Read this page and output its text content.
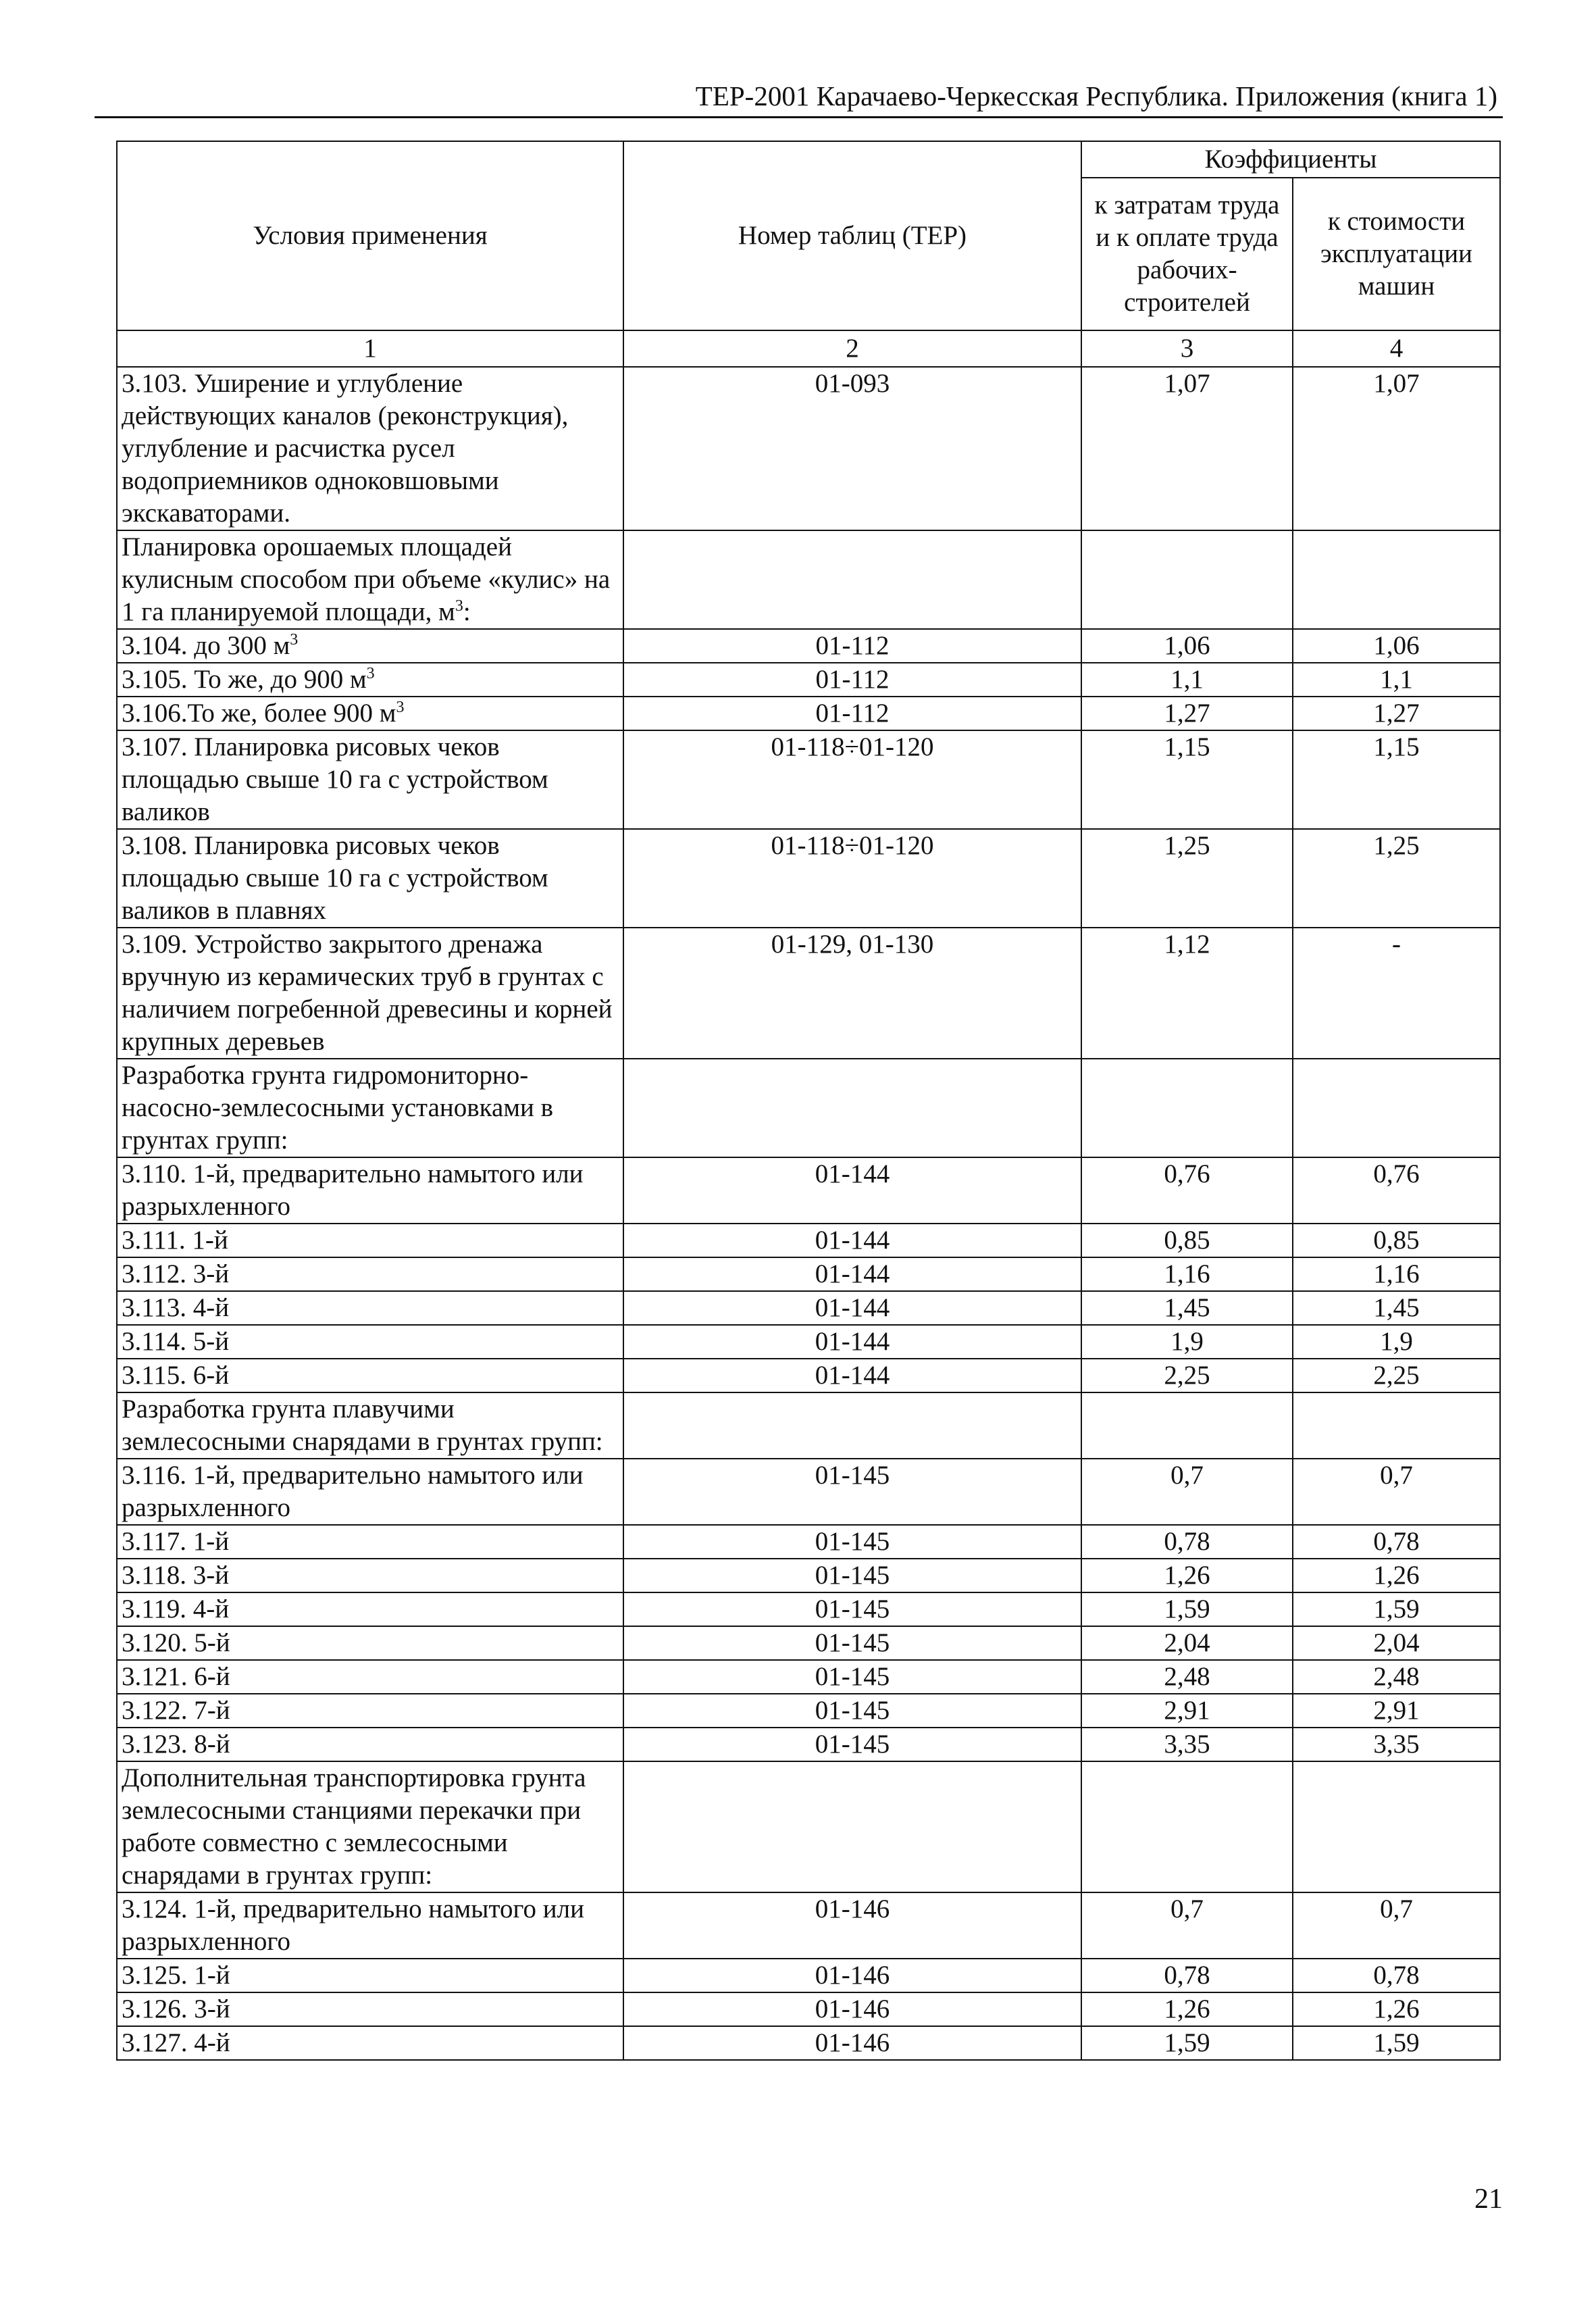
ТЕР-2001 Карачаево-Черкесская Республика. Приложения (книга 1)
Условия применения	Номер таблиц (ТЕР)	Коэффициенты	
		к затратам труда и к оплате труда рабочих-строителей	к стоимости эксплуатации машин
1	2	3	4
3.103. Уширение и углубление действующих каналов (реконструкция), углубление и расчистка русел водоприемников одноковшовыми экскаваторами.	01-093	1,07	1,07
Планировка орошаемых площадей кулисным способом при объеме «кулис» на 1 га планируемой площади, $м^3$:			
3.104. до 300 $м^3$	01-112	1,06	1,06
3.105. То же, до 900 $м^3$	01-112	1,1	1,1
3.106.То же, более 900 $м^3$	01-112	1,27	1,27
3.107. Планировка рисовых чеков площадью свыше 10 га с устройством валиков	01-118÷01-120	1,15	1,15
3.108. Планировка рисовых чеков площадью свыше 10 га с устройством валиков в плавнях	01-118÷01-120	1,25	1,25
3.109. Устройство закрытого дренажа вручную из керамических труб в грунтах с наличием погребенной древесины и корней крупных деревьев	01-129, 01-130	1,12	-
Разработка грунта гидромониторно-насосно-землесосными установками в грунтах групп:			
3.110. 1-й, предварительно намытого или разрыхленного	01-144	0,76	0,76
3.111. 1-й	01-144	0,85	0,85
3.112. 3-й	01-144	1,16	1,16
3.113. 4-й	01-144	1,45	1,45
3.114. 5-й	01-144	1,9	1,9
3.115. 6-й	01-144	2,25	2,25
Разработка грунта плавучими землесосными снарядами в грунтах групп:			
3.116. 1-й, предварительно намытого или разрыхленного	01-145	0,7	0,7
3.117. 1-й	01-145	0,78	0,78
3.118. 3-й	01-145	1,26	1,26
3.119. 4-й	01-145	1,59	1,59
3.120. 5-й	01-145	2,04	2,04
3.121. 6-й	01-145	2,48	2,48
3.122. 7-й	01-145	2,91	2,91
3.123. 8-й	01-145	3,35	3,35
Дополнительная транспортировка грунта землесосными станциями перекачки при работе совместно с землесосными снарядами в грунтах групп:			
3.124. 1-й, предварительно намытого или разрыхленного	01-146	0,7	0,7
3.125. 1-й	01-146	0,78	0,78
3.126. 3-й	01-146	1,26	1,26
3.127. 4-й	01-146	1,59	1,59
21
